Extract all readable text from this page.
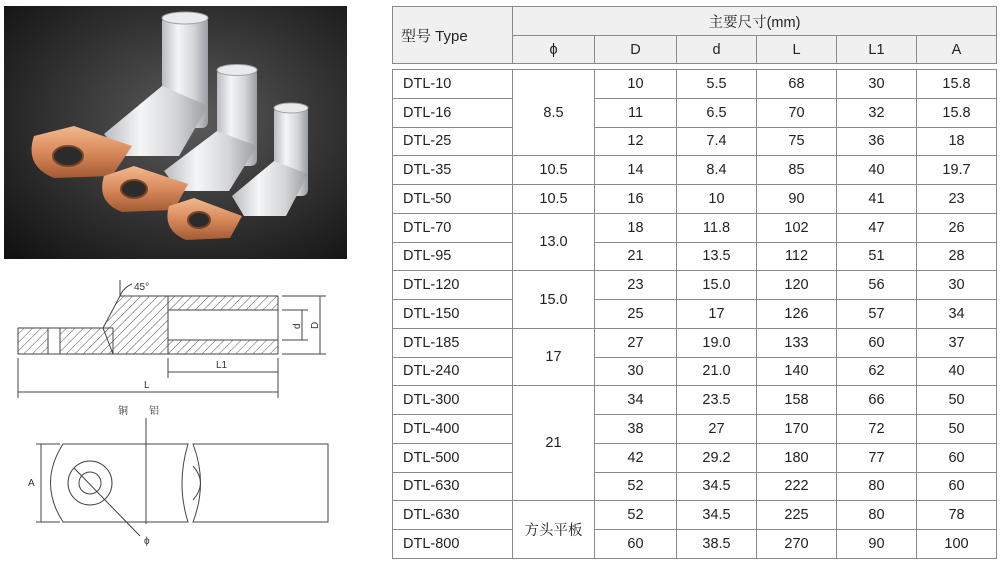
45°
d D
L1
L
铜 铝
A
ϕ
型号 Type	主要尺寸(mm)					
	ϕ	D	d	L	L1	A

DTL-10	8.5	10	5.5	68	30	15.8
DTL-16		11	6.5	70	32	15.8
DTL-25		12	7.4	75	36	18
DTL-35	10.5	14	8.4	85	40	19.7
DTL-50	10.5	16	10	90	41	23
DTL-70	13.0	18	11.8	102	47	26
DTL-95		21	13.5	112	51	28
DTL-120	15.0	23	15.0	120	56	30
DTL-150		25	17	126	57	34
DTL-185	17	27	19.0	133	60	37
DTL-240		30	21.0	140	62	40
DTL-300	21	34	23.5	158	66	50
DTL-400		38	27	170	72	50
DTL-500		42	29.2	180	77	60
DTL-630		52	34.5	222	80	60
DTL-630	方头平板	52	34.5	225	80	78
DTL-800		60	38.5	270	90	100
